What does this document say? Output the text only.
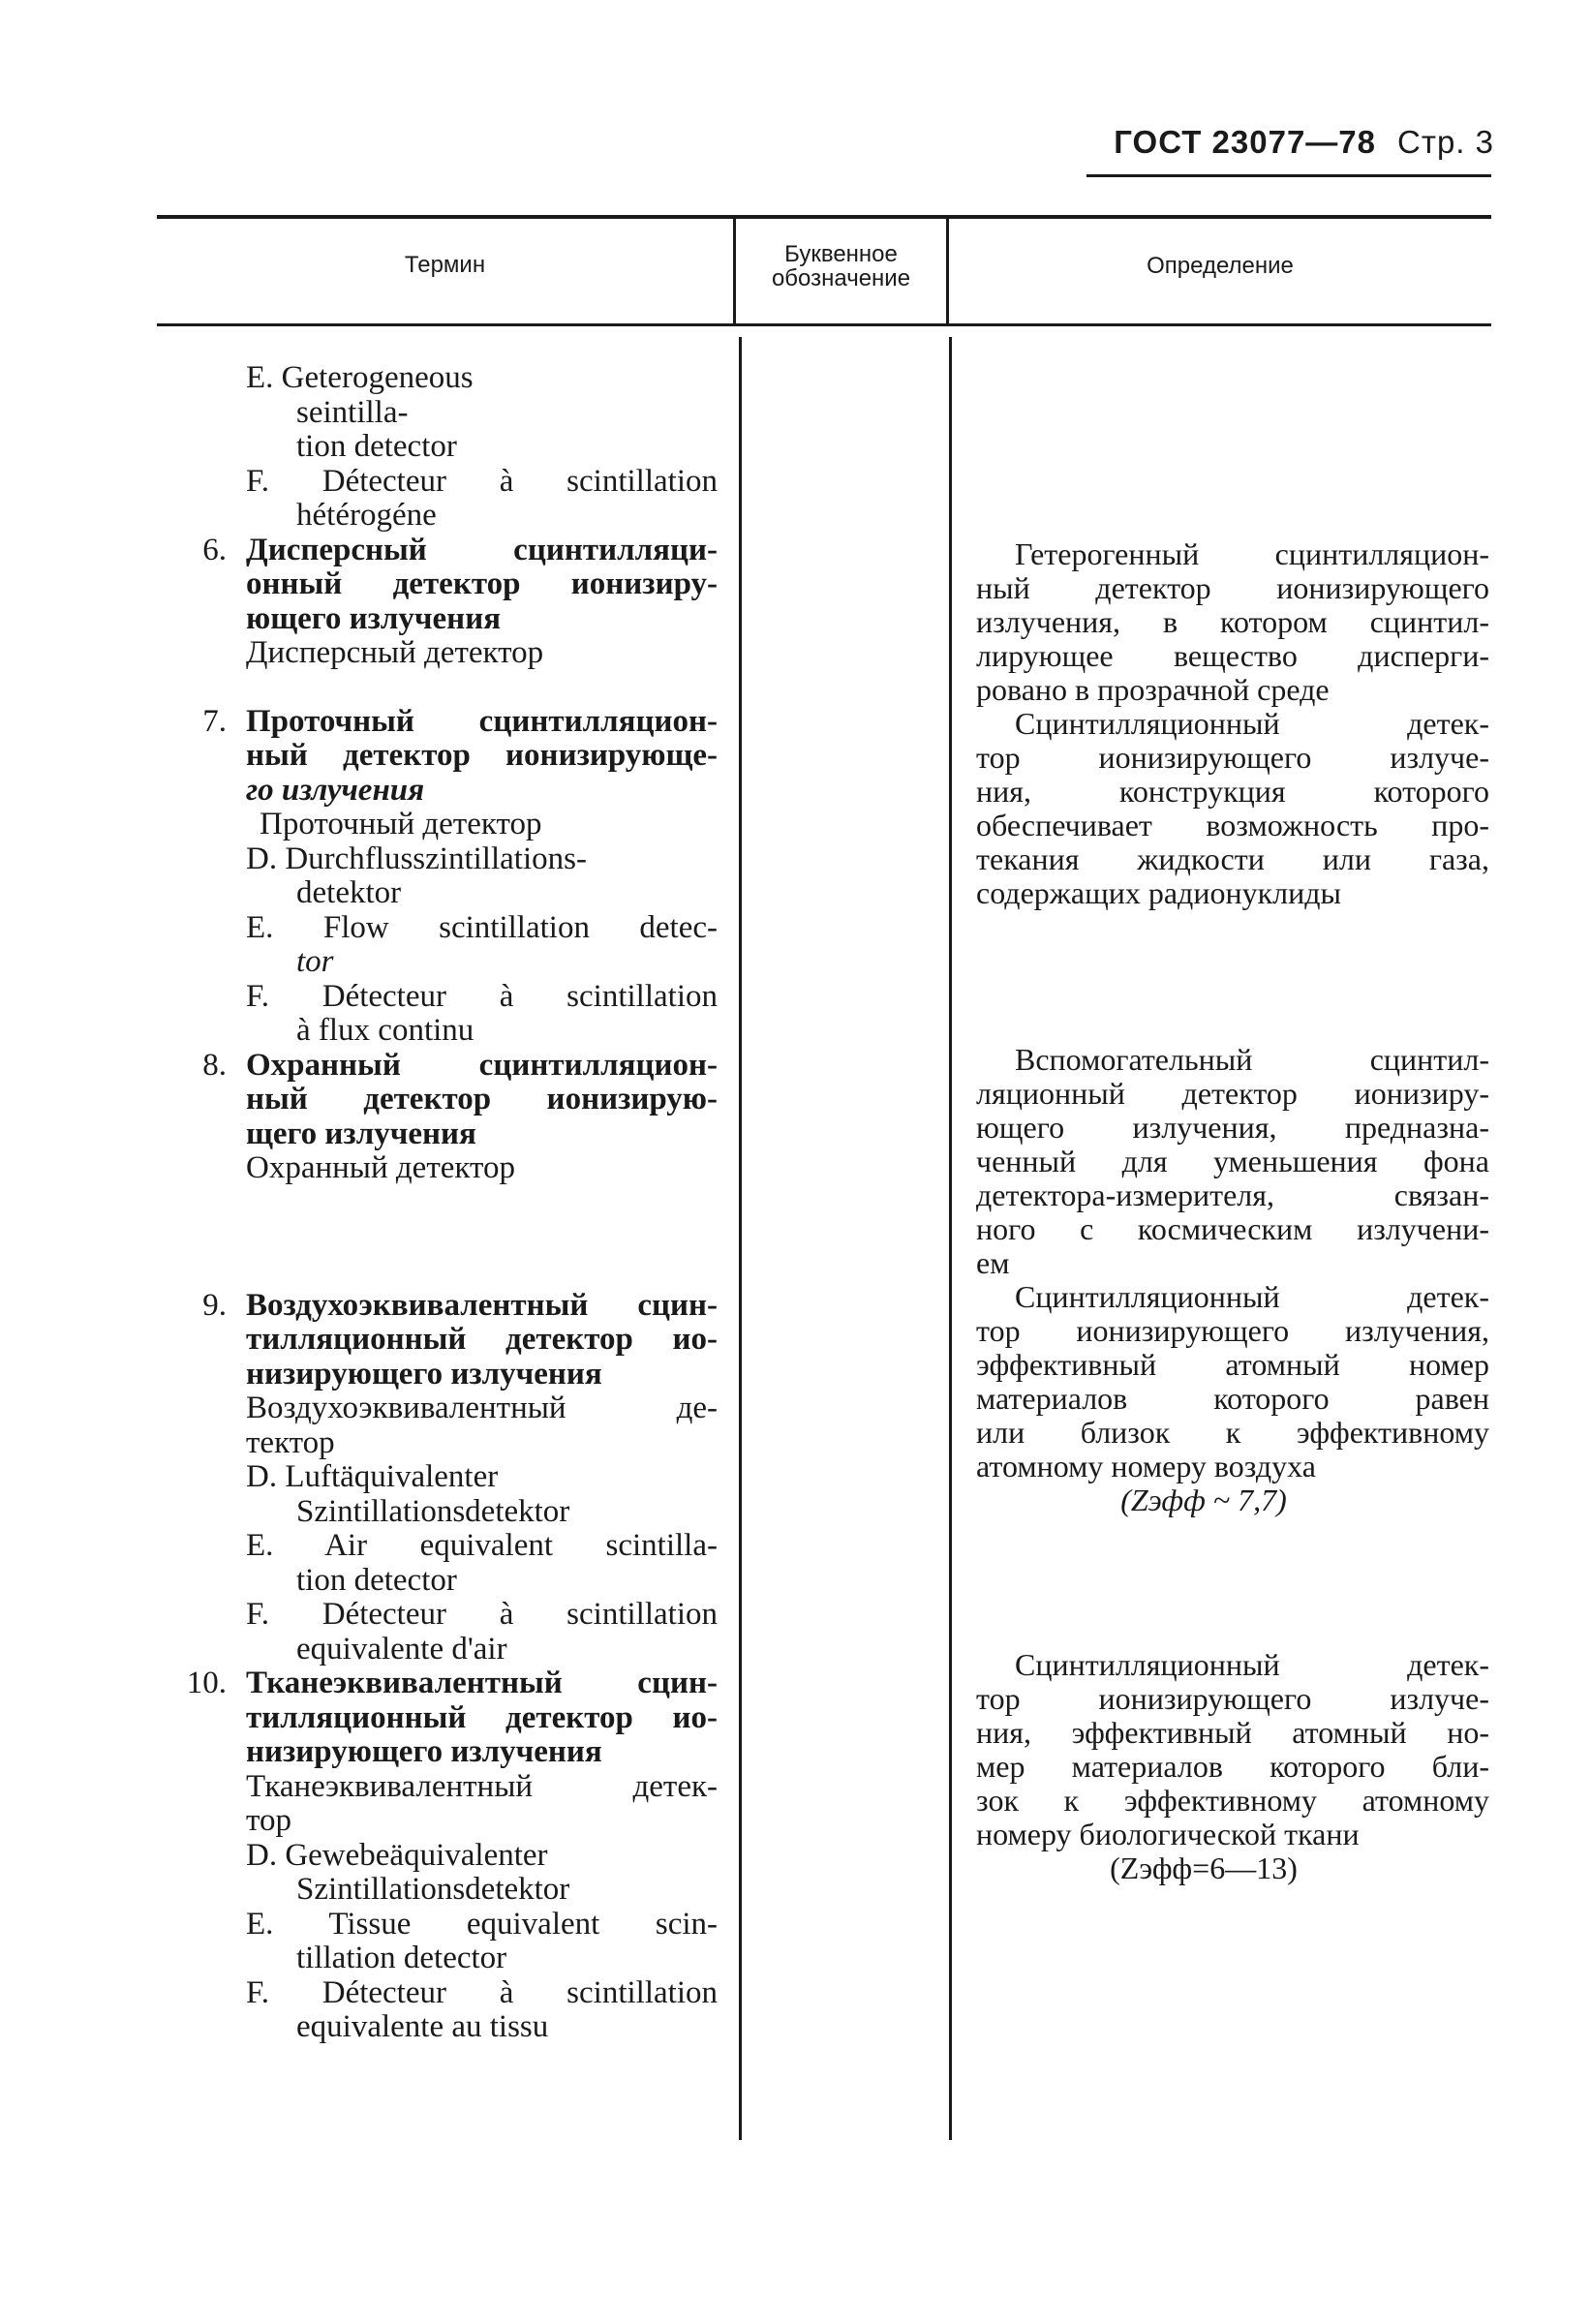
ГОСТ 23077—78 Стр. 3
Термин	Буквенное
обозначение	Определение
E. Geterogeneous
seintilla-
tion detector
F. Détecteur à scintillation
hétérogéne
6. Дисперсный сцинтилляци-
онный детектор ионизиру-
ющего излучения
Дисперсный детектор
7. Проточный сцинтилляцион-
ный детектор ионизирующе-
го излучения
Проточный детектор
D. Durchflusszintillations-
detektor
E. Flow scintillation detec-
tor
F. Détecteur à scintillation
à flux continu
8. Охранный сцинтилляцион-
ный детектор ионизирую-
щего излучения
Охранный детектор
9. Воздухоэквивалентный сцин-
тилляционный детектор ио-
низирующего излучения
Воздухоэквивалентный де-
тектор
D. Luftäquivalenter
Szintillationsdetektor
E. Air equivalent scintilla-
tion detector
F. Détecteur à scintillation
equivalente d'air
10. Тканеэквивалентный сцин-
тилляционный детектор ио-
низирующего излучения
Тканеэквивалентный детек-
тор
D. Gewebeäquivalenter
Szintillationsdetektor
E. Tissue equivalent scin-
tillation detector
F. Détecteur à scintillation
equivalente au tissu
Гетерогенный сцинтилляцион-
ный детектор ионизирующего
излучения, в котором сцинтил-
лирующее вещество дисперги-
ровано в прозрачной среде
Сцинтилляционный детек-
тор ионизирующего излуче-
ния, конструкция которого
обеспечивает возможность про-
текания жидкости или газа,
содержащих радионуклиды
Вспомогательный сцинтил-
ляционный детектор ионизиру-
ющего излучения, предназна-
ченный для уменьшения фона
детектора-измерителя, связан-
ного с космическим излучени-
ем
Сцинтилляционный детек-
тор ионизирующего излучения,
эффективный атомный номер
материалов которого равен
или близок к эффективному
атомному номеру воздуха
(Zэфф ~ 7,7)
Сцинтилляционный детек-
тор ионизирующего излуче-
ния, эффективный атомный но-
мер материалов которого бли-
зок к эффективному атомному
номеру биологической ткани
(Zэфф=6—13)
